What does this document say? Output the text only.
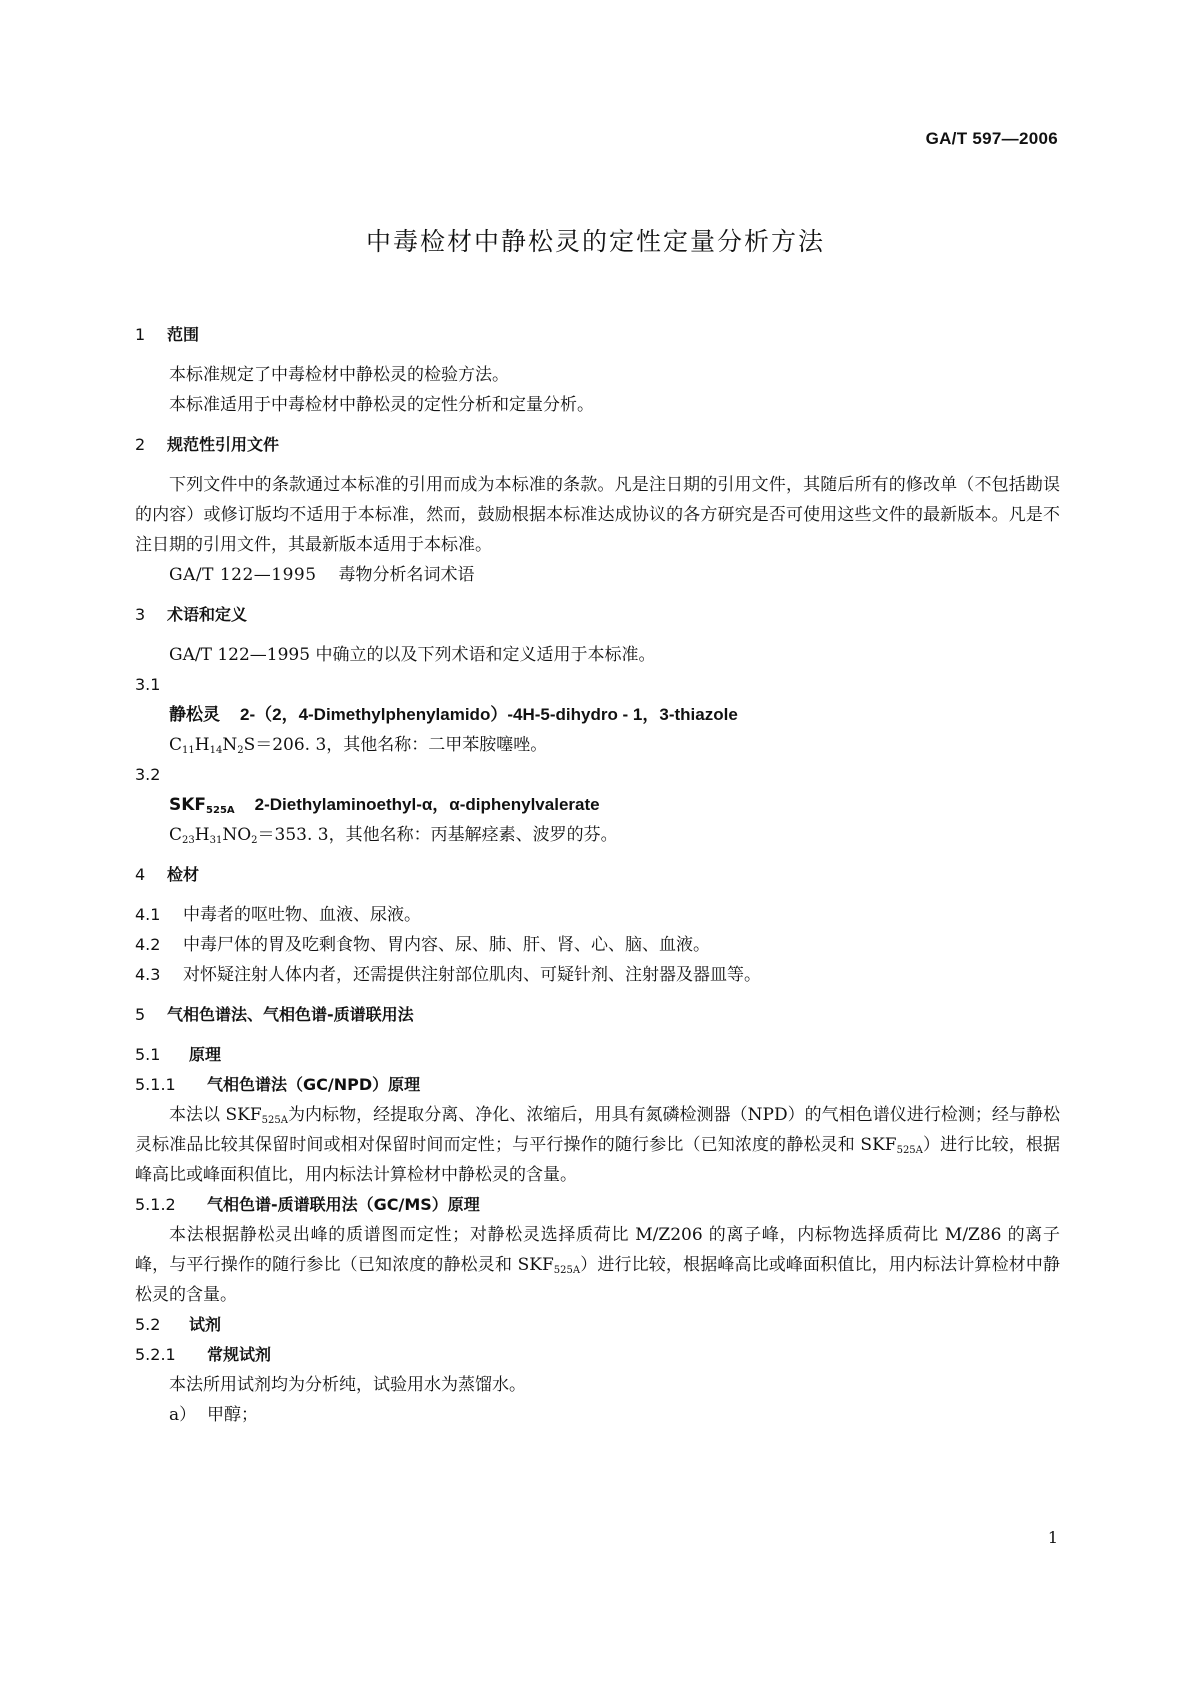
GA/T 597—2006
中毒检材中静松灵的定性定量分析方法
1 范围

本标准规定了中毒检材中静松灵的检验方法。

本标准适用于中毒检材中静松灵的定性分析和定量分析。

2 规范性引用文件

下列文件中的条款通过本标准的引用而成为本标准的条款。凡是注日期的引用文件，其随后所有的修改单（不包括勘误的内容）或修订版均不适用于本标准，然而，鼓励根据本标准达成协议的各方研究是否可使用这些文件的最新版本。凡是不注日期的引用文件，其最新版本适用于本标准。

GA/T 122—1995 毒物分析名词术语

3 术语和定义

GA/T 122—1995 中确立的以及下列术语和定义适用于本标准。

3.1

静松灵 2-（2，4-Dimethylphenylamido）-4H-5-dihydro - 1，3-thiazole

$C_{11}H_{14}N_2S=206$. 3，其他名称：二甲苯胺噻唑。

3.2

$SKF_{525A}$ 2-Diethylaminoethyl-α，α-diphenylvalerate

$C_{23}H_{31}NO_2=353$. 3，其他名称：丙基解痉素、波罗的芬。

4 检材

4.1 中毒者的呕吐物、血液、尿液。

4.2 中毒尸体的胃及吃剩食物、胃内容、尿、肺、肝、肾、心、脑、血液。

4.3 对怀疑注射人体内者，还需提供注射部位肌肉、可疑针剂、注射器及器皿等。

5 气相色谱法、气相色谱-质谱联用法
5.1 原理
5.1.1 气相色谱法（GC/NPD）原理

本法以 $SKF_{525A}$为内标物，经提取分离、净化、浓缩后，用具有氮磷检测器（NPD）的气相色谱仪进行检测；经与静松灵标准品比较其保留时间或相对保留时间而定性；与平行操作的随行参比（已知浓度的静松灵和 $SKF_{525A}$）进行比较，根据峰高比或峰面积值比，用内标法计算检材中静松灵的含量。

5.1.2 气相色谱-质谱联用法（GC/MS）原理

本法根据静松灵出峰的质谱图而定性；对静松灵选择质荷比 M/Z206 的离子峰，内标物选择质荷比 M/Z86 的离子峰，与平行操作的随行参比（已知浓度的静松灵和 $SKF_{525A}$）进行比较，根据峰高比或峰面积值比，用内标法计算检材中静松灵的含量。

5.2 试剂
5.2.1 常规试剂

本法所用试剂均为分析纯，试验用水为蒸馏水。

a） 甲醇；

1
